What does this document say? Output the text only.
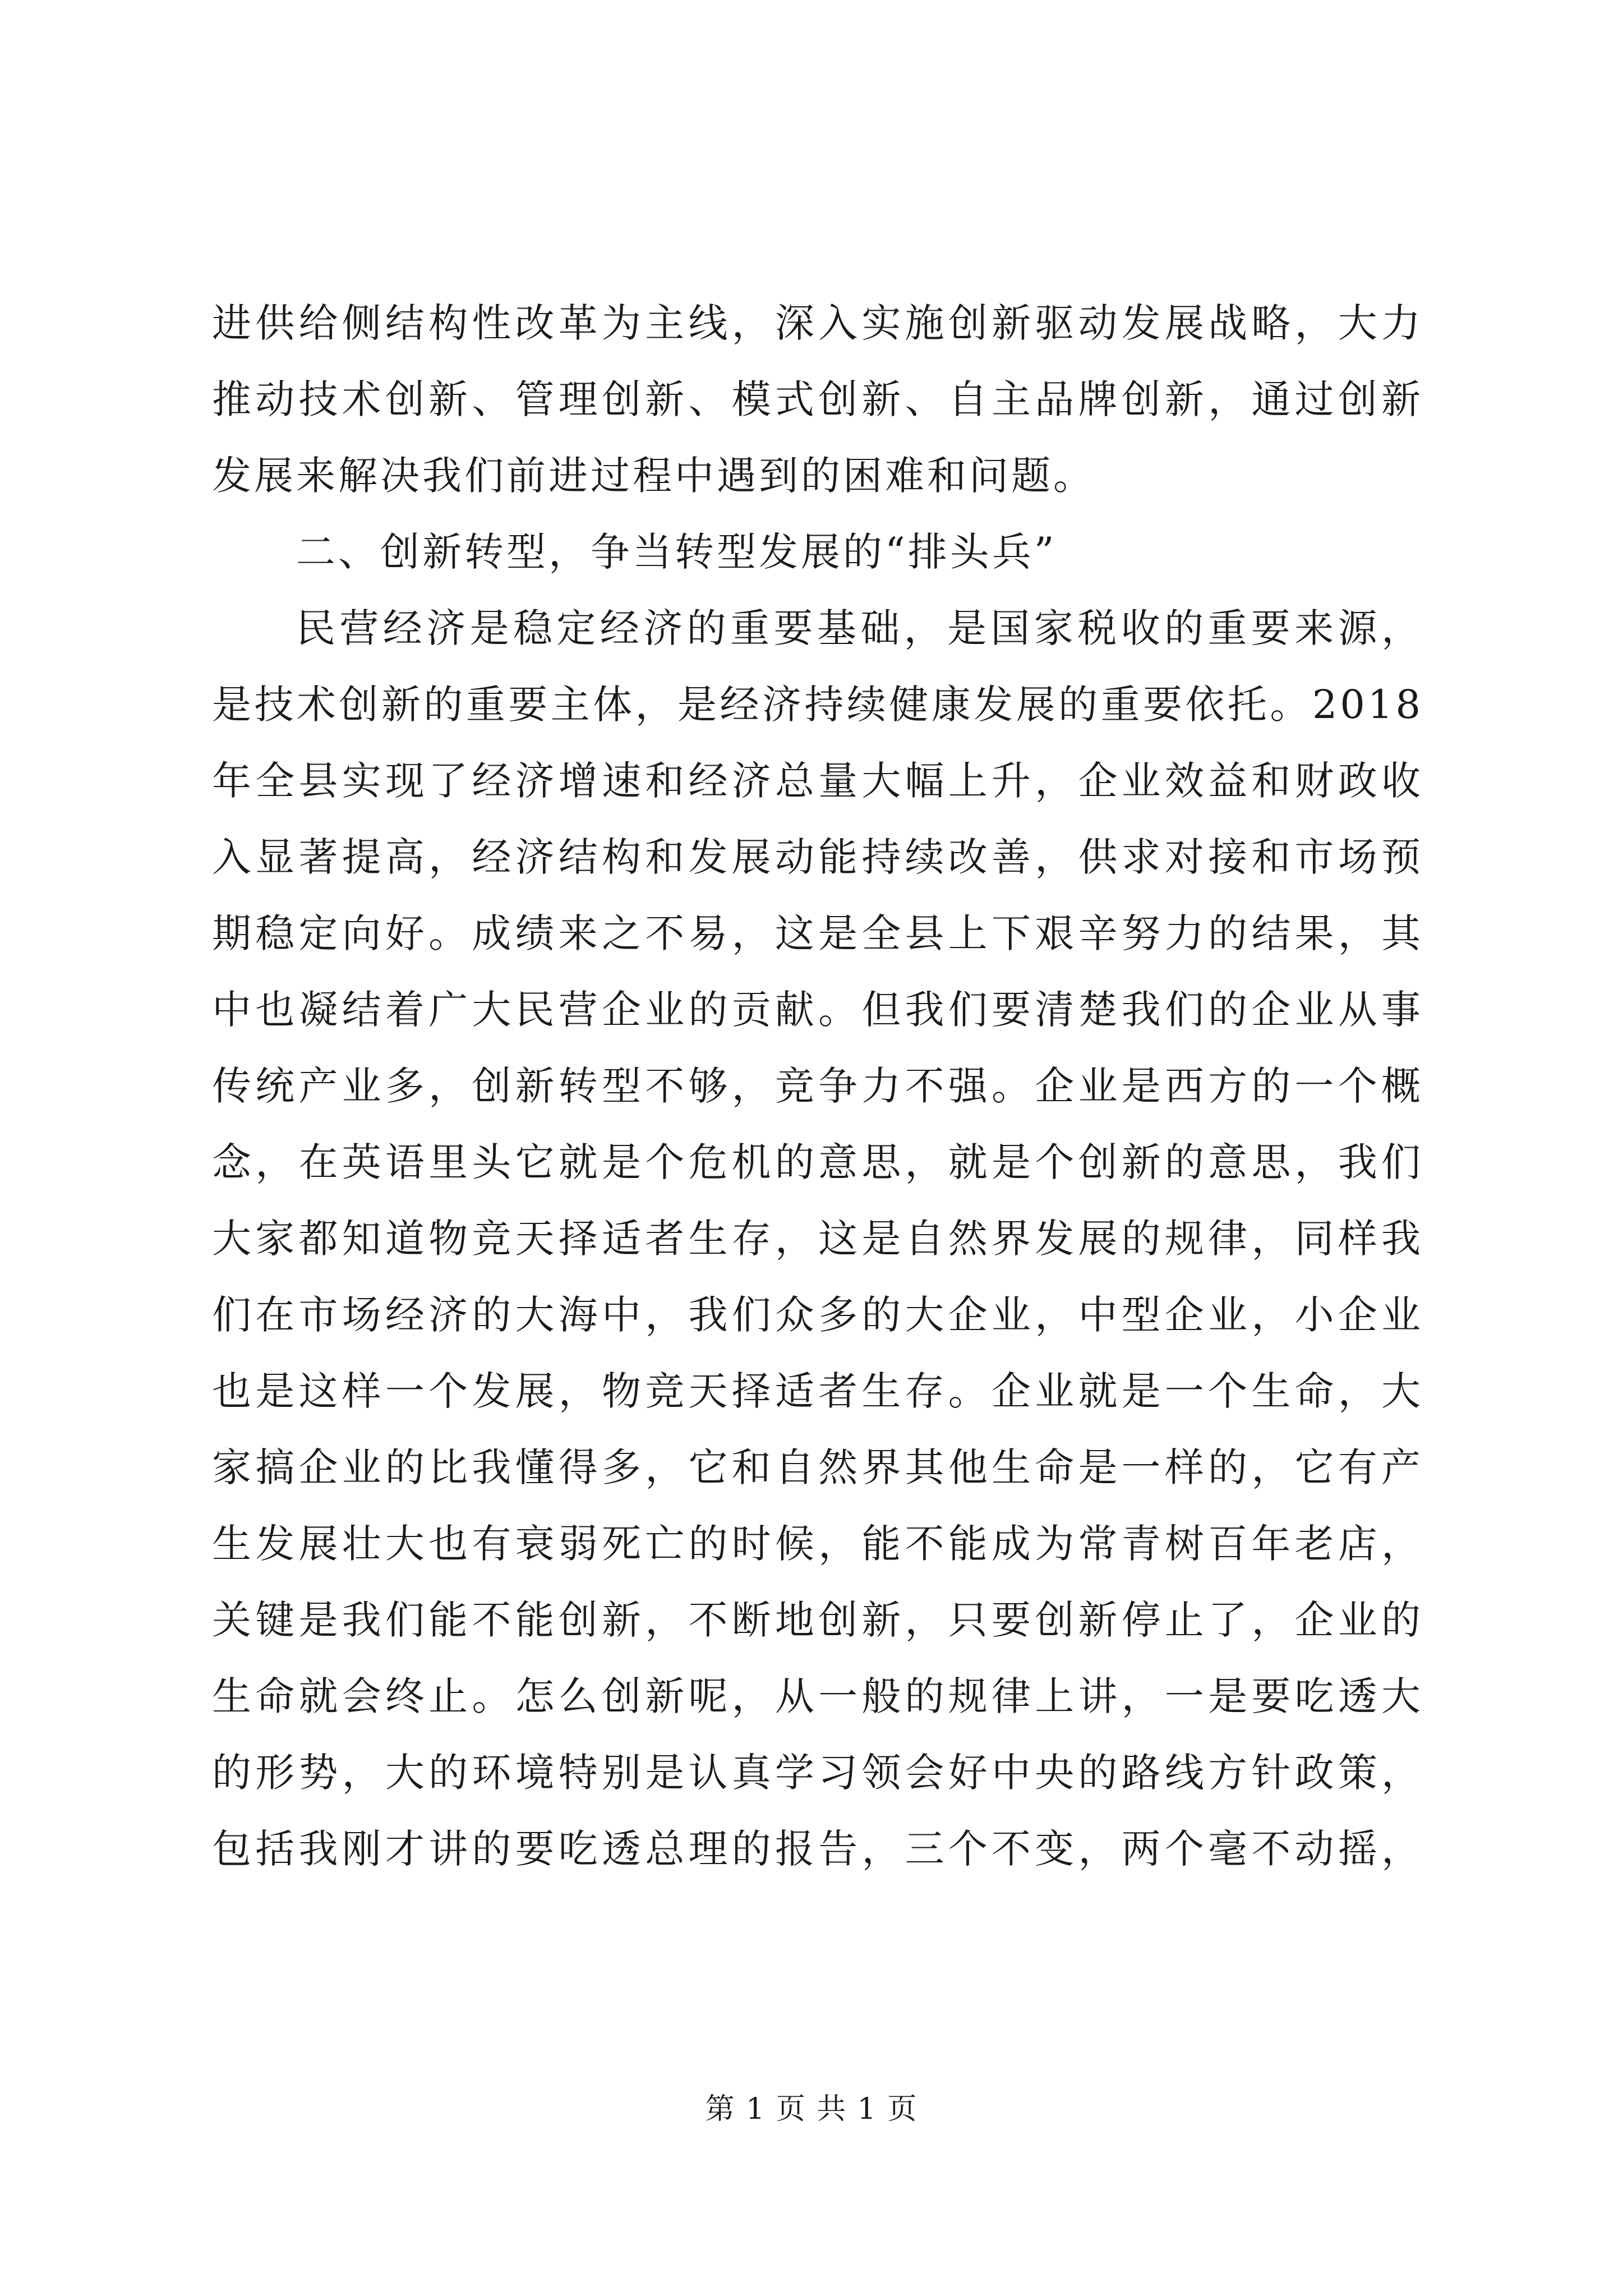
进供给侧结构性改革为主线，深入实施创新驱动发展战略，大力
推动技术创新、管理创新、模式创新、自主品牌创新，通过创新
发展来解决我们前进过程中遇到的困难和问题。
二、创新转型，争当转型发展的“排头兵”
民营经济是稳定经济的重要基础，是国家税收的重要来源，
是技术创新的重要主体，是经济持续健康发展的重要依托。2018
年全县实现了经济增速和经济总量大幅上升，企业效益和财政收
入显著提高，经济结构和发展动能持续改善，供求对接和市场预
期稳定向好。成绩来之不易，这是全县上下艰辛努力的结果，其
中也凝结着广大民营企业的贡献。但我们要清楚我们的企业从事
传统产业多，创新转型不够，竞争力不强。企业是西方的一个概
念，在英语里头它就是个危机的意思，就是个创新的意思，我们
大家都知道物竞天择适者生存，这是自然界发展的规律，同样我
们在市场经济的大海中，我们众多的大企业，中型企业，小企业
也是这样一个发展，物竞天择适者生存。企业就是一个生命，大
家搞企业的比我懂得多，它和自然界其他生命是一样的，它有产
生发展壮大也有衰弱死亡的时候，能不能成为常青树百年老店，
关键是我们能不能创新，不断地创新，只要创新停止了，企业的
生命就会终止。怎么创新呢，从一般的规律上讲，一是要吃透大
的形势，大的环境特别是认真学习领会好中央的路线方针政策，
包括我刚才讲的要吃透总理的报告，三个不变，两个毫不动摇，
第 1 页 共 1 页
